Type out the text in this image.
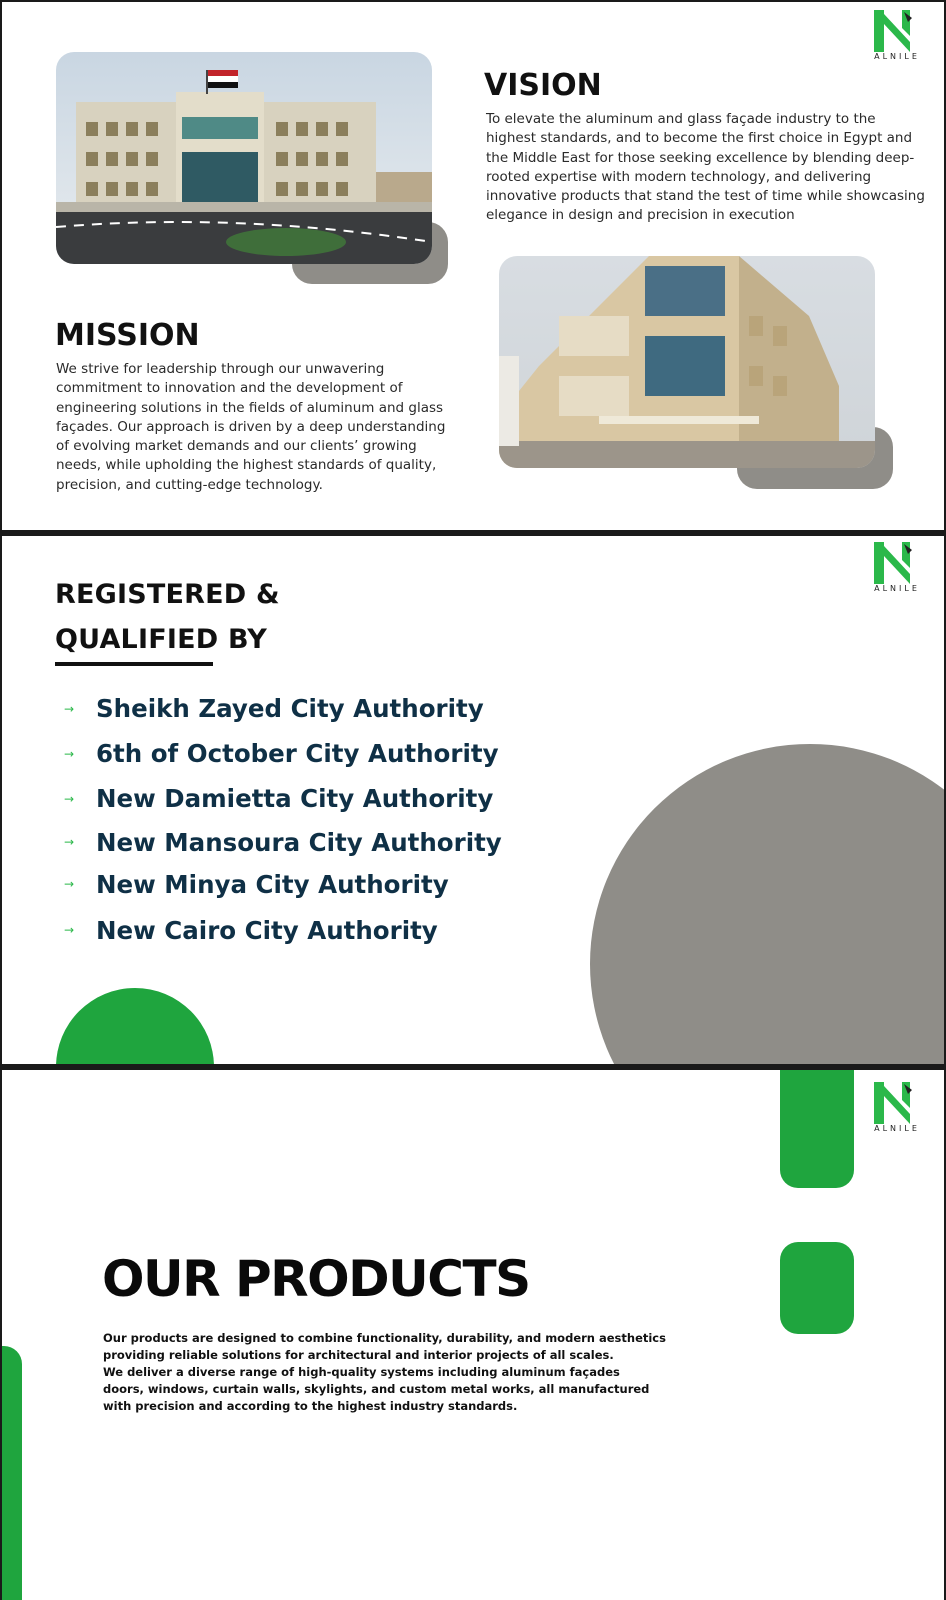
ALNILE
VISION

To elevate the aluminum and glass façade industry to the highest standards, and to become the first choice in Egypt and the Middle East for those seeking excellence by blending deep-rooted expertise with modern technology, and delivering innovative products that stand the test of time while showcasing elegance in design and precision in execution

MISSION

We strive for leadership through our unwavering commitment to innovation and the development of engineering solutions in the fields of aluminum and glass façades. Our approach is driven by a deep understanding of evolving market demands and our clients’ growing needs, while upholding the highest standards of quality, precision, and cutting-edge technology.

ALNILE
REGISTERED &
QUALIFIED BY
→ Sheikh Zayed City Authority
→ 6th of October City Authority
→ New Damietta City Authority
→ New Mansoura City Authority
→ New Minya City Authority
→ New Cairo City Authority
ALNILE
OUR PRODUCTS
Our products are designed to combine functionality, durability, and modern aesthetics
providing reliable solutions for architectural and interior projects of all scales.
We deliver a diverse range of high-quality systems including aluminum façades
doors, windows, curtain walls, skylights, and custom metal works, all manufactured
with precision and according to the highest industry standards.
